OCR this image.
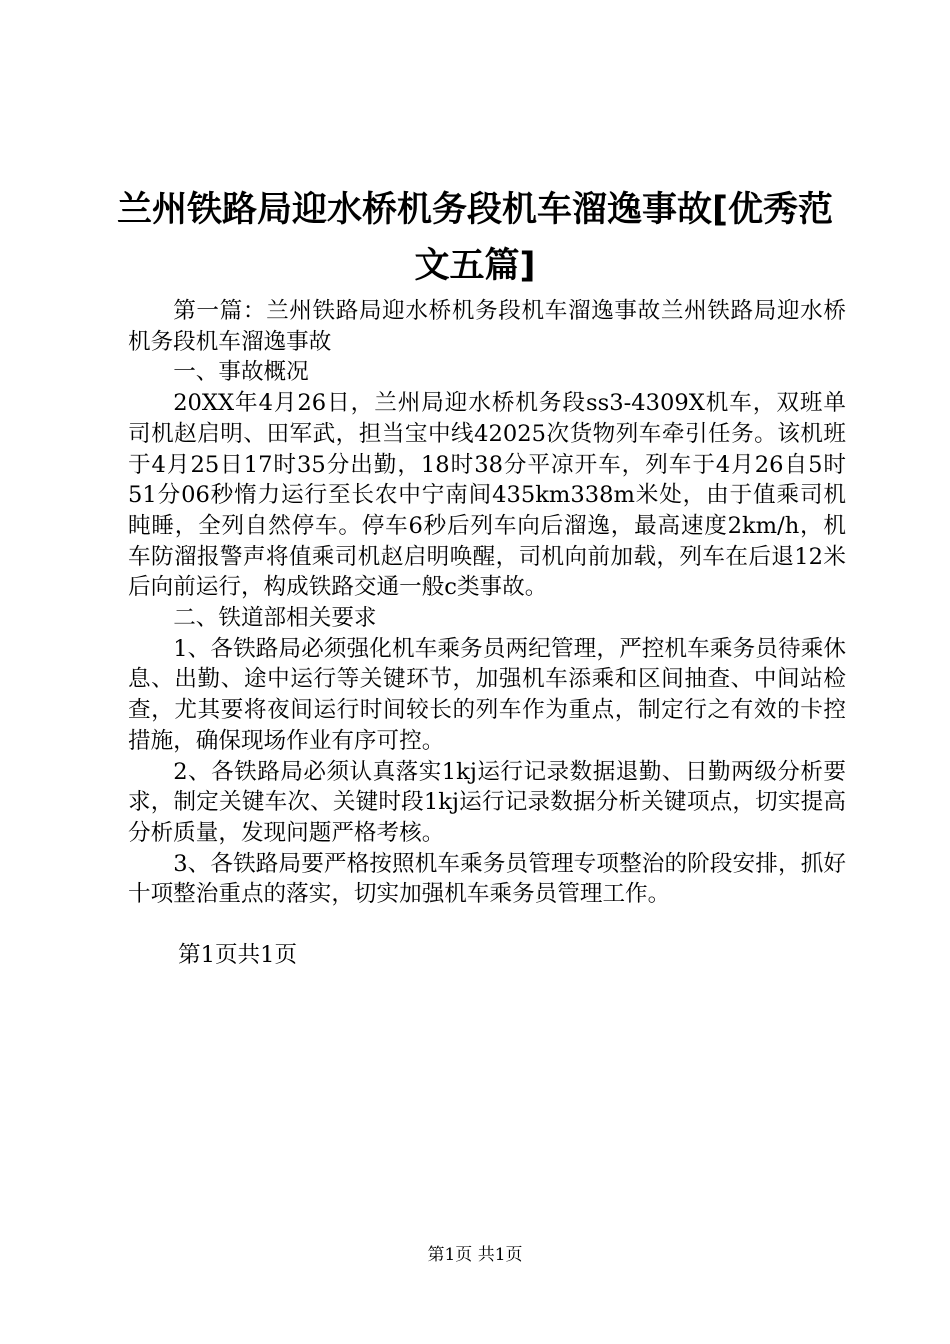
兰州铁路局迎水桥机务段机车溜逸事故[优秀范文五篇]

第一篇：兰州铁路局迎水桥机务段机车溜逸事故兰州铁路局迎水桥机务段机车溜逸事故

一、事故概况

20XX年4月26日，兰州局迎水桥机务段ss3-4309X机车，双班单司机赵启明、田军武，担当宝中线42025次货物列车牵引任务。该机班于4月25日17时35分出勤，18时38分平凉开车，列车于4月26自5时51分06秒惰力运行至长农中宁南间435km338m米处，由于值乘司机盹睡，全列自然停车。停车6秒后列车向后溜逸，最高速度2km/h，机车防溜报警声将值乘司机赵启明唤醒，司机向前加载，列车在后退12米后向前运行，构成铁路交通一般c类事故。

二、铁道部相关要求

1、各铁路局必须强化机车乘务员两纪管理，严控机车乘务员待乘休息、出勤、途中运行等关键环节，加强机车添乘和区间抽查、中间站检查，尤其要将夜间运行时间较长的列车作为重点，制定行之有效的卡控措施，确保现场作业有序可控。

2、各铁路局必须认真落实1kj运行记录数据退勤、日勤两级分析要求，制定关键车次、关键时段1kj运行记录数据分析关键项点，切实提高分析质量，发现问题严格考核。

3、各铁路局要严格按照机车乘务员管理专项整治的阶段安排，抓好十项整治重点的落实，切实加强机车乘务员管理工作。

第1页共1页
第1页 共1页
